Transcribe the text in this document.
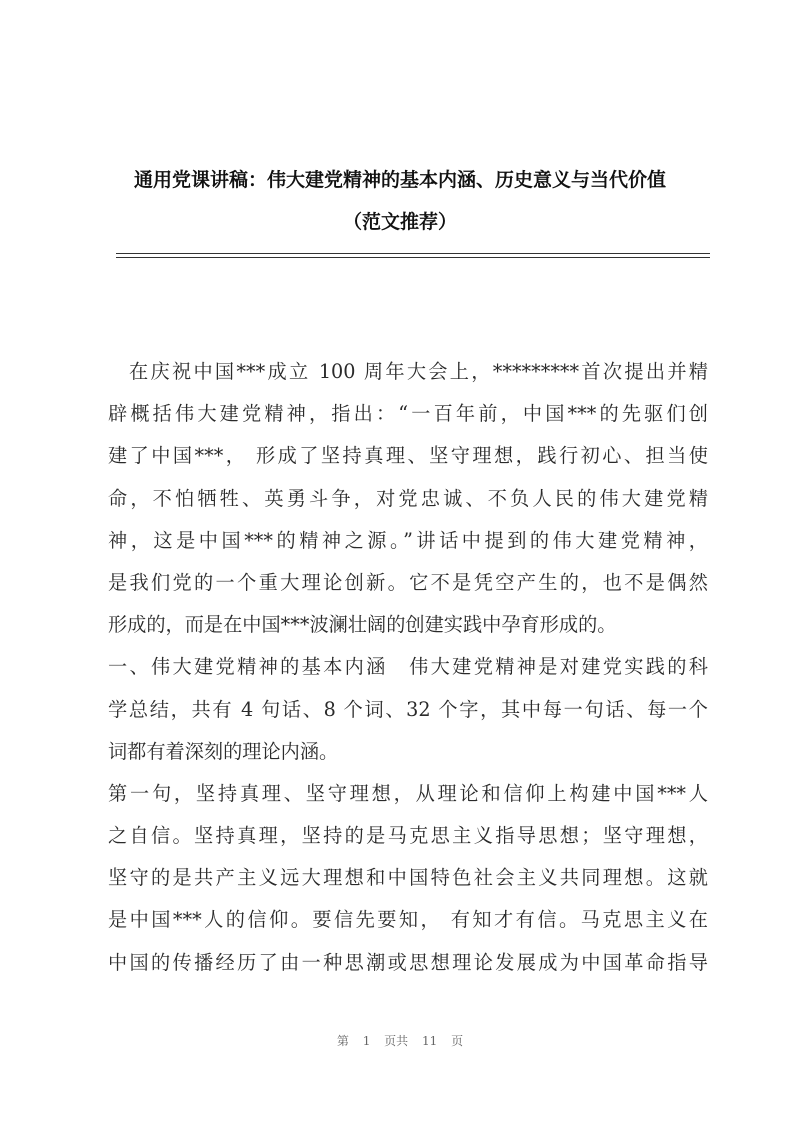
通用党课讲稿：伟大建党精神的基本内涵、历史意义与当代价值
（范文推荐）
在庆祝中国***成立 100 周年大会上，*********首次提出并精
辟概括伟大建党精神，指出：“一百年前，中国***的先驱们创
建了中国***， 形成了坚持真理、坚守理想，践行初心、担当使
命，不怕牺牲、英勇斗争，对党忠诚、不负人民的伟大建党精
神，这是中国***的精神之源。”讲话中提到的伟大建党精神，
是我们党的一个重大理论创新。它不是凭空产生的，也不是偶然
形成的，而是在中国***波澜壮阔的创建实践中孕育形成的。
一、伟大建党精神的基本内涵　伟大建党精神是对建党实践的科
学总结，共有 4 句话、8 个词、32 个字，其中每一句话、每一个
词都有着深刻的理论内涵。
第一句，坚持真理、坚守理想，从理论和信仰上构建中国***人
之自信。坚持真理，坚持的是马克思主义指导思想；坚守理想，
坚守的是共产主义远大理想和中国特色社会主义共同理想。这就
是中国***人的信仰。要信先要知， 有知才有信。马克思主义在
中国的传播经历了由一种思潮或思想理论发展成为中国革命指导
第 1 页共 11 页
